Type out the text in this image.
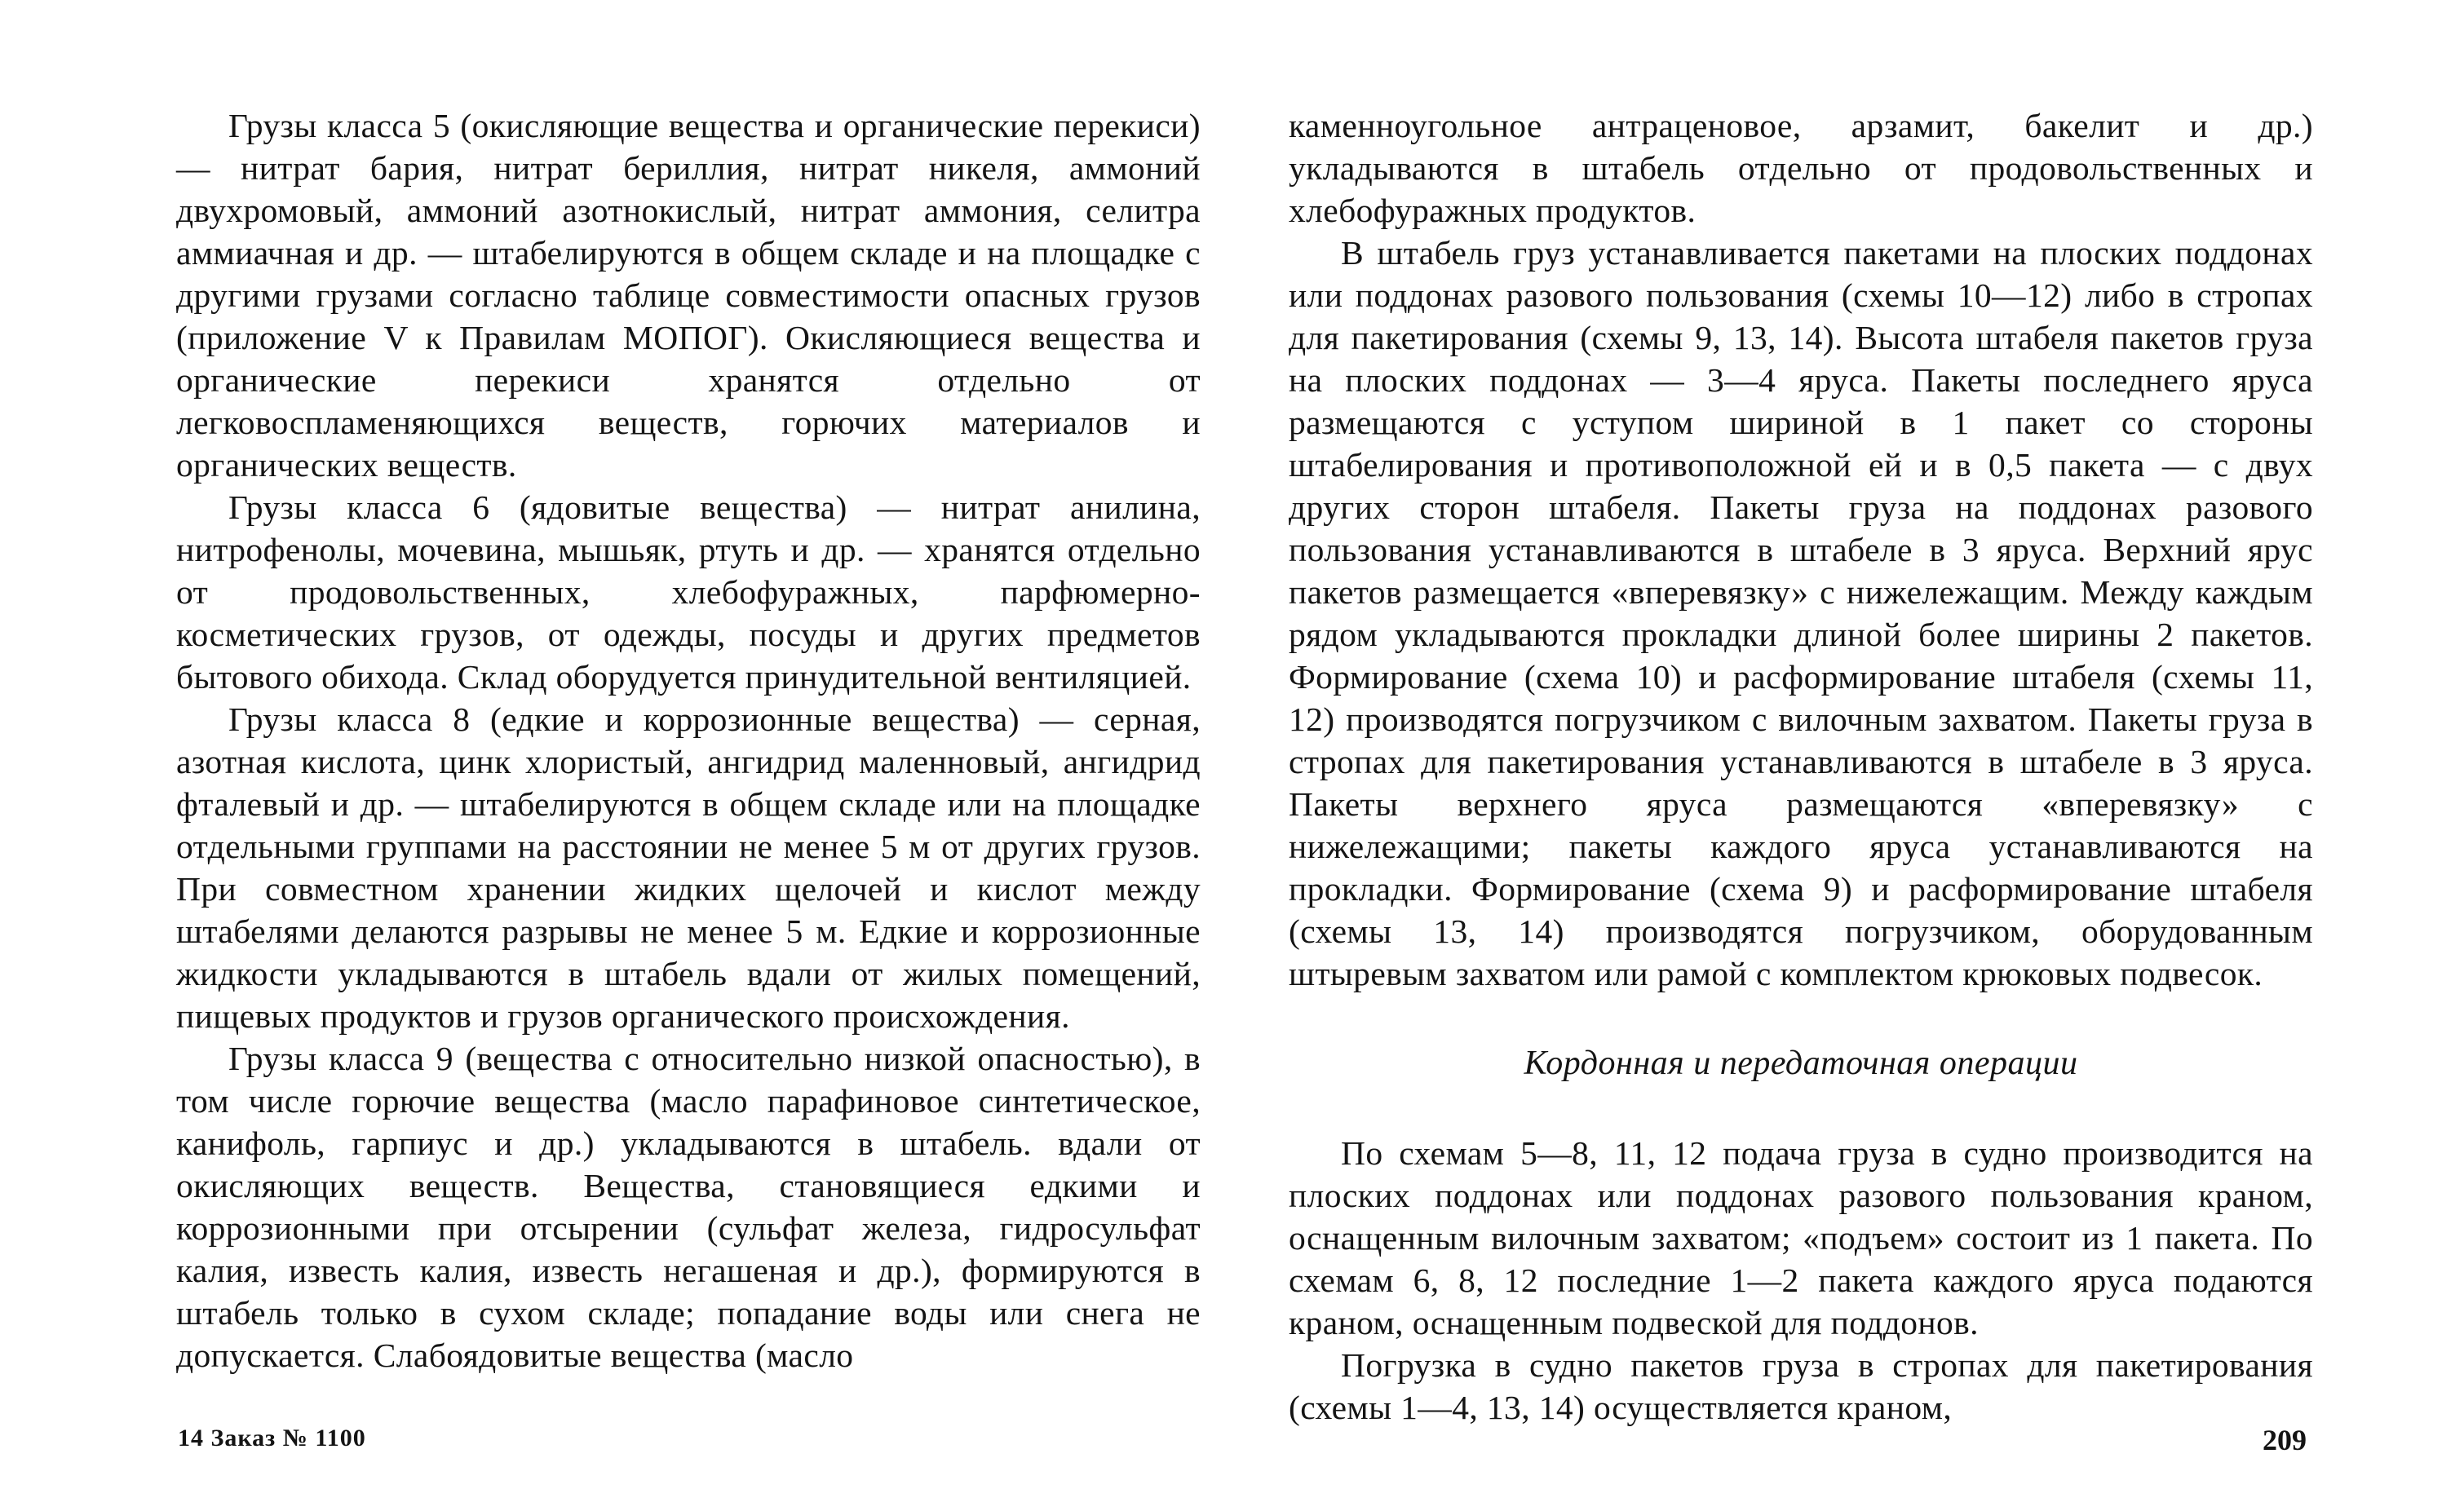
Грузы класса 5 (окисляющие вещества и органические перекиси) — нитрат бария, нитрат бериллия, нитрат никеля, аммоний двухромовый, аммоний азотнокислый, нитрат аммония, селитра аммиачная и др. — штабелируются в общем складе и на площадке с другими грузами согласно таблице совместимости опасных грузов (приложение V к Правилам МОПОГ). Окисляющиеся вещества и органические перекиси хранятся отдельно от легковоспламеняющихся веществ, горючих материалов и органических веществ.

Грузы класса 6 (ядовитые вещества) — нитрат анилина, нитрофенолы, мочевина, мышьяк, ртуть и др. — хранятся отдельно от продовольственных, хлебофуражных, парфюмерно-косметических грузов, от одежды, посуды и других предметов бытового обихода. Склад оборудуется принудительной вентиляцией.

Грузы класса 8 (едкие и коррозионные вещества) — серная, азотная кислота, цинк хлористый, ангидрид маленновый, ангидрид фталевый и др. — штабелируются в общем складе или на площадке отдельными группами на расстоянии не менее 5 м от других грузов. При совместном хранении жидких щелочей и кислот между штабелями делаются разрывы не менее 5 м. Едкие и коррозионные жидкости укладываются в штабель вдали от жилых помещений, пищевых продуктов и грузов органического происхождения.

Грузы класса 9 (вещества с относительно низкой опасностью), в том числе горючие вещества (масло парафиновое синтетическое, канифоль, гарпиус и др.) укладываются в штабель. вдали от окисляющих веществ. Вещества, становящиеся едкими и коррозионными при отсырении (сульфат железа, гидросульфат калия, известь калия, известь негашеная и др.), формируются в штабель только в сухом складе; попадание воды или снега не допускается. Слабоядовитые вещества (масло

14 Заказ № 1100

каменноугольное антраценовое, арзамит, бакелит и др.) укладываются в штабель отдельно от продовольственных и хлебофуражных продуктов.

В штабель груз устанавливается пакетами на плоских поддонах или поддонах разового пользования (схемы 10—12) либо в стропах для пакетирования (схемы 9, 13, 14). Высота штабеля пакетов груза на плоских поддонах — 3—4 яруса. Пакеты последнего яруса размещаются с уступом шириной в 1 пакет со стороны штабелирования и противоположной ей и в 0,5 пакета — с двух других сторон штабеля. Пакеты груза на поддонах разового пользования устанавливаются в штабеле в 3 яруса. Верхний ярус пакетов размещается «вперевязку» с нижележащим. Между каждым рядом укладываются прокладки длиной более ширины 2 пакетов. Формирование (схема 10) и расформирование штабеля (схемы 11, 12) производятся погрузчиком с вилочным захватом. Пакеты груза в стропах для пакетирования устанавливаются в штабеле в 3 яруса. Пакеты верхнего яруса размещаются «вперевязку» с нижележащими; пакеты каждого яруса устанавливаются на прокладки. Формирование (схема 9) и расформирование штабеля (схемы 13, 14) производятся погрузчиком, оборудованным штыревым захватом или рамой с комплектом крюковых подвесок.

Кордонная и передаточная операции

По схемам 5—8, 11, 12 подача груза в судно производится на плоских поддонах или поддонах разового пользования краном, оснащенным вилочным захватом; «подъем» состоит из 1 пакета. По схемам 6, 8, 12 последние 1—2 пакета каждого яруса подаются краном, оснащенным подвеской для поддонов.

Погрузка в судно пакетов груза в стропах для пакетирования (схемы 1—4, 13, 14) осуществляется краном,

209
